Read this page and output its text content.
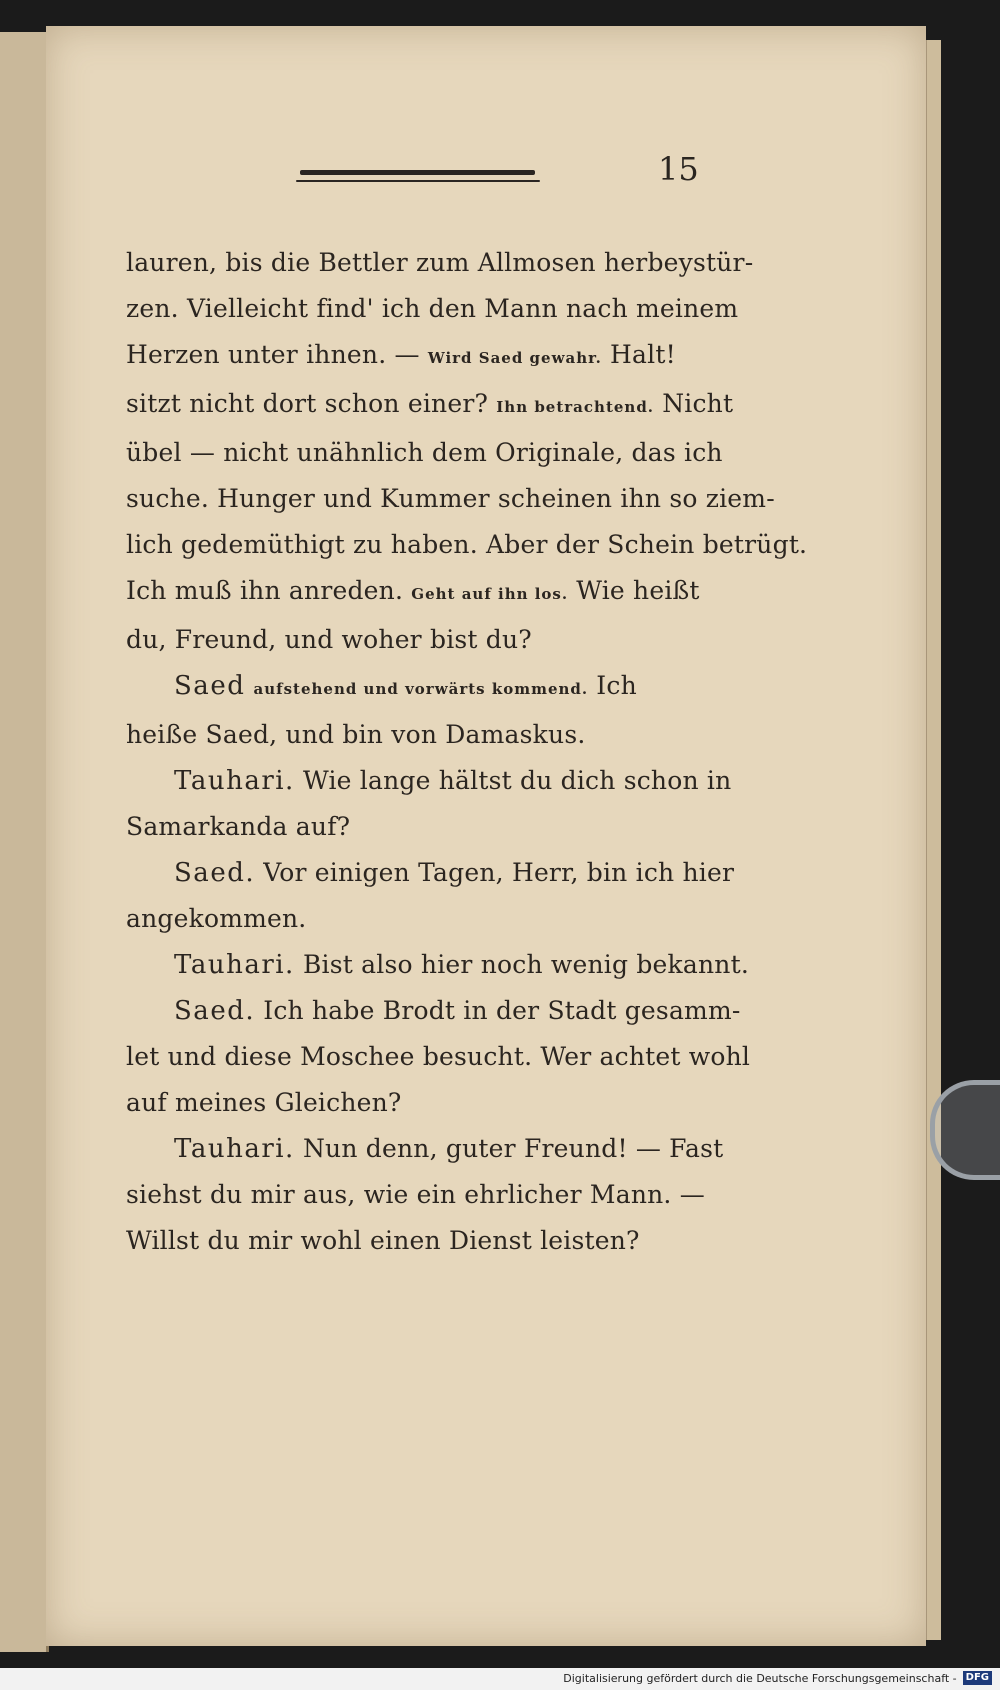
15
lauren, bis die Bettler zum Allmosen herbeystür-
zen. Vielleicht find' ich den Mann nach meinem
Herzen unter ihnen. — Wird Saed gewahr. Halt!
sitzt nicht dort schon einer? Ihn betrachtend. Nicht
übel — nicht unähnlich dem Originale, das ich
suche. Hunger und Kummer scheinen ihn so ziem-
lich gedemüthigt zu haben. Aber der Schein betrügt.
Ich muß ihn anreden. Geht auf ihn los. Wie heißt
du, Freund, und woher bist du?
Saed aufstehend und vorwärts kommend. Ich
heiße Saed, und bin von Damaskus.
Tauhari. Wie lange hältst du dich schon in
Samarkanda auf?
Saed. Vor einigen Tagen, Herr, bin ich hier
angekommen.
Tauhari. Bist also hier noch wenig bekannt.
Saed. Ich habe Brodt in der Stadt gesamm-
let und diese Moschee besucht. Wer achtet wohl
auf meines Gleichen?
Tauhari. Nun denn, guter Freund! — Fast
siehst du mir aus, wie ein ehrlicher Mann. —
Willst du mir wohl einen Dienst leisten?
Digitalisierung gefördert durch die Deutsche Forschungsgemeinschaft - DFG
